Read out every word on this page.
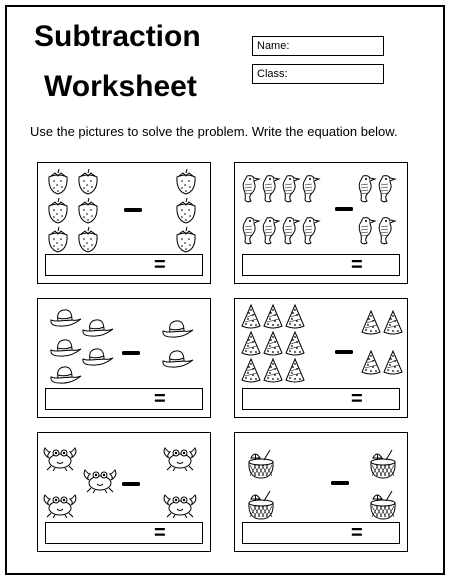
Subtraction
Worksheet
Name:
Class:
Use the pictures to solve the problem. Write the equation below.
=	=
=	=
=	=
